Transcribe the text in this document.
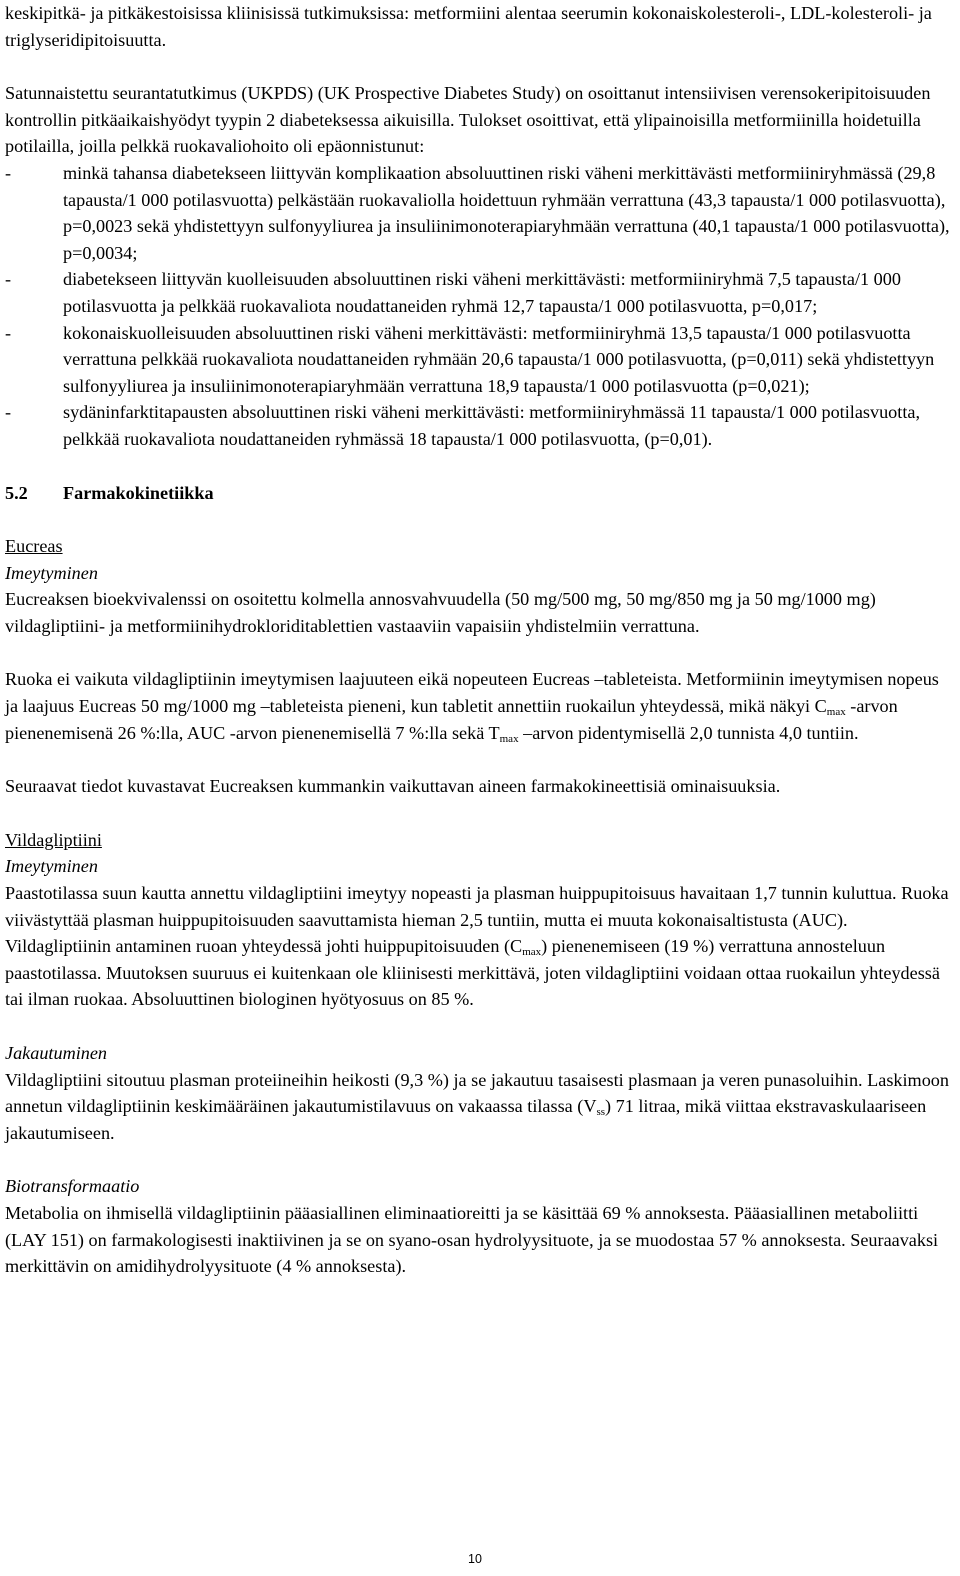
keskipitkä- ja pitkäkestoisissa kliinisissä tutkimuksissa: metformiini alentaa seerumin kokonaiskolesteroli-, LDL-kolesteroli- ja triglyseridipitoisuutta.

Satunnaistettu seurantatutkimus (UKPDS) (UK Prospective Diabetes Study) on osoittanut intensiivisen verensokeripitoisuuden kontrollin pitkäaikaishyödyt tyypin 2 diabeteksessa aikuisilla. Tulokset osoittivat, että ylipainoisilla metformiinilla hoidetuilla potilailla, joilla pelkkä ruokavaliohoito oli epäonnistunut:

-	minkä tahansa diabetekseen liittyvän komplikaation absoluuttinen riski väheni merkittävästi metformiiniryhmässä (29,8 tapausta/1 000 potilasvuotta) pelkästään ruokavaliolla hoidettuun ryhmään verrattuna (43,3 tapausta/1 000 potilasvuotta), p=0,0023 sekä yhdistettyyn sulfonyyliurea ja insuliinimonoterapiaryhmään verrattuna (40,1 tapausta/1 000 potilasvuotta), p=0,0034;
-	diabetekseen liittyvän kuolleisuuden absoluuttinen riski väheni merkittävästi: metformiiniryhmä 7,5 tapausta/1 000 potilasvuotta ja pelkkää ruokavaliota noudattaneiden ryhmä 12,7 tapausta/1 000 potilasvuotta, p=0,017;
-	kokonaiskuolleisuuden absoluuttinen riski väheni merkittävästi: metformiiniryhmä 13,5 tapausta/1 000 potilasvuotta verrattuna pelkkää ruokavaliota noudattaneiden ryhmään 20,6 tapausta/1 000 potilasvuotta, (p=0,011) sekä yhdistettyyn sulfonyyliurea ja insuliinimonoterapiaryhmään verrattuna 18,9 tapausta/1 000 potilasvuotta (p=0,021);
-	sydäninfarktitapausten absoluuttinen riski väheni merkittävästi: metformiiniryhmässä 11 tapausta/1 000 potilasvuotta, pelkkää ruokavaliota noudattaneiden ryhmässä 18 tapausta/1 000 potilasvuotta, (p=0,01).

5.2 Farmakokinetiikka

Eucreas

Imeytyminen

Eucreaksen bioekvivalenssi on osoitettu kolmella annosvahvuudella (50 mg/500 mg, 50 mg/850 mg ja 50 mg/1000 mg) vildagliptiini- ja metformiinihydrokloriditablettien vastaaviin vapaisiin yhdistelmiin verrattuna.

Ruoka ei vaikuta vildagliptiinin imeytymisen laajuuteen eikä nopeuteen Eucreas –tableteista. Metformiinin imeytymisen nopeus ja laajuus Eucreas 50 mg/1000 mg –tableteista pieneni, kun tabletit annettiin ruokailun yhteydessä, mikä näkyi $C_{max}$ -arvon pienenemisenä 26 %:lla, AUC -arvon pienenemisellä 7 %:lla sekä $T_{max}$ –arvon pidentymisellä 2,0 tunnista 4,0 tuntiin.

Seuraavat tiedot kuvastavat Eucreaksen kummankin vaikuttavan aineen farmakokineettisiä ominaisuuksia.

Vildagliptiini

Imeytyminen

Paastotilassa suun kautta annettu vildagliptiini imeytyy nopeasti ja plasman huippupitoisuus havaitaan 1,7 tunnin kuluttua. Ruoka viivästyttää plasman huippupitoisuuden saavuttamista hieman 2,5 tuntiin, mutta ei muuta kokonaisaltistusta (AUC). Vildagliptiinin antaminen ruoan yhteydessä johti huippupitoisuuden $(C_{max})$ pienenemiseen (19 %) verrattuna annosteluun paastotilassa. Muutoksen suuruus ei kuitenkaan ole kliinisesti merkittävä, joten vildagliptiini voidaan ottaa ruokailun yhteydessä tai ilman ruokaa. Absoluuttinen biologinen hyötyosuus on 85 %.

Jakautuminen

Vildagliptiini sitoutuu plasman proteiineihin heikosti (9,3 %) ja se jakautuu tasaisesti plasmaan ja veren punasoluihin. Laskimoon annetun vildagliptiinin keskimääräinen jakautumistilavuus on vakaassa tilassa $(V_{ss})$ 71 litraa, mikä viittaa ekstravaskulaariseen jakautumiseen.

Biotransformaatio

Metabolia on ihmisellä vildagliptiinin pääasiallinen eliminaatioreitti ja se käsittää 69 % annoksesta. Pääasiallinen metaboliitti (LAY 151) on farmakologisesti inaktiivinen ja se on syano-osan hydrolyysituote, ja se muodostaa 57 % annoksesta. Seuraavaksi merkittävin on amidihydrolyysituote (4 % annoksesta).

10
